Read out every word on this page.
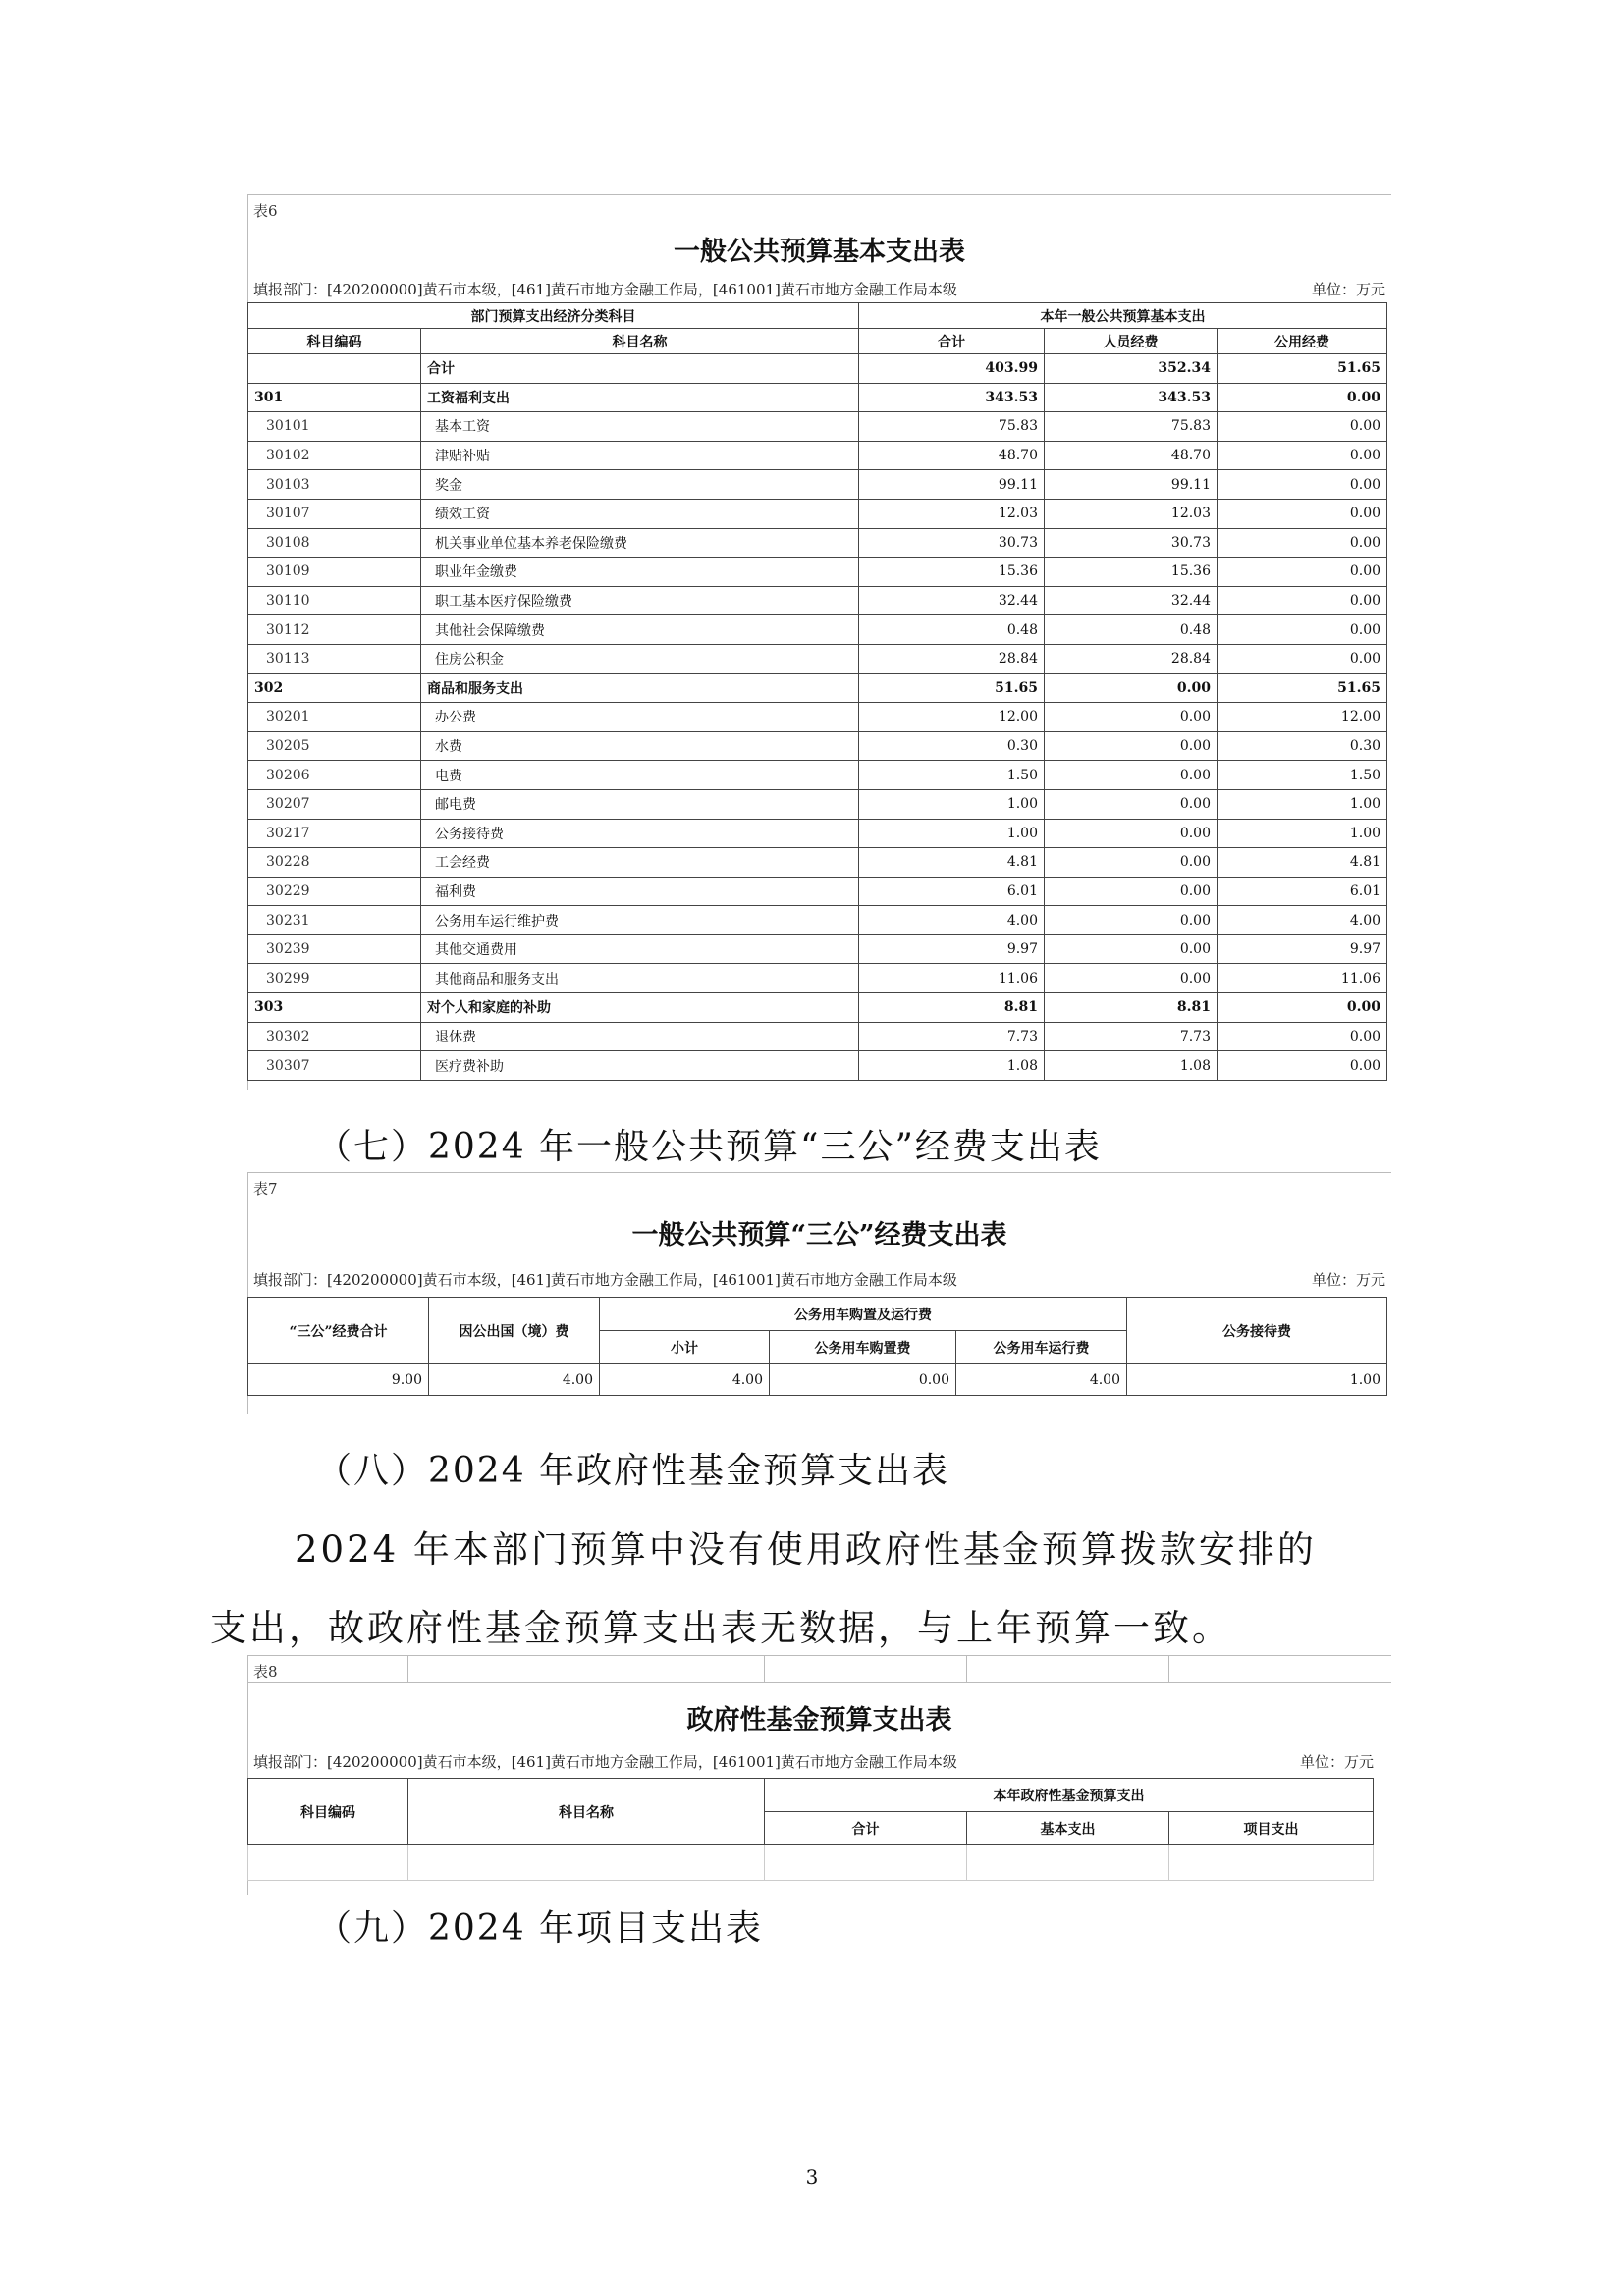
表6
一般公共预算基本支出表
填报部门：[420200000]黄石市本级，[461]黄石市地方金融工作局，[461001]黄石市地方金融工作局本级	单位：万元
部门预算支出经济分类科目		本年一般公共预算基本支出		
科目编码	科目名称	合计	人员经费	公用经费
	合计	403.99	352.34	51.65
301	工资福利支出	343.53	343.53	0.00
30101	基本工资	75.83	75.83	0.00
30102	津贴补贴	48.70	48.70	0.00
30103	奖金	99.11	99.11	0.00
30107	绩效工资	12.03	12.03	0.00
30108	机关事业单位基本养老保险缴费	30.73	30.73	0.00
30109	职业年金缴费	15.36	15.36	0.00
30110	职工基本医疗保险缴费	32.44	32.44	0.00
30112	其他社会保障缴费	0.48	0.48	0.00
30113	住房公积金	28.84	28.84	0.00
302	商品和服务支出	51.65	0.00	51.65
30201	办公费	12.00	0.00	12.00
30205	水费	0.30	0.00	0.30
30206	电费	1.50	0.00	1.50
30207	邮电费	1.00	0.00	1.00
30217	公务接待费	1.00	0.00	1.00
30228	工会经费	4.81	0.00	4.81
30229	福利费	6.01	0.00	6.01
30231	公务用车运行维护费	4.00	0.00	4.00
30239	其他交通费用	9.97	0.00	9.97
30299	其他商品和服务支出	11.06	0.00	11.06
303	对个人和家庭的补助	8.81	8.81	0.00
30302	退休费	7.73	7.73	0.00
30307	医疗费补助	1.08	1.08	0.00
（七）2024 年一般公共预算“三公”经费支出表
表7
一般公共预算“三公”经费支出表
填报部门：[420200000]黄石市本级，[461]黄石市地方金融工作局，[461001]黄石市地方金融工作局本级	单位：万元
“三公”经费合计	因公出国（境）费	公务用车购置及运行费			公务接待费
		小计	公务用车购置费	公务用车运行费	
9.00	4.00	4.00	0.00	4.00	1.00
（八）2024 年政府性基金预算支出表
2024 年本部门预算中没有使用政府性基金预算拨款安排的
支出，故政府性基金预算支出表无数据，与上年预算一致。
表8
政府性基金预算支出表
填报部门：[420200000]黄石市本级，[461]黄石市地方金融工作局，[461001]黄石市地方金融工作局本级	单位：万元
科目编码	科目名称	本年政府性基金预算支出		
		合计	基本支出	项目支出

（九）2024 年项目支出表
3
